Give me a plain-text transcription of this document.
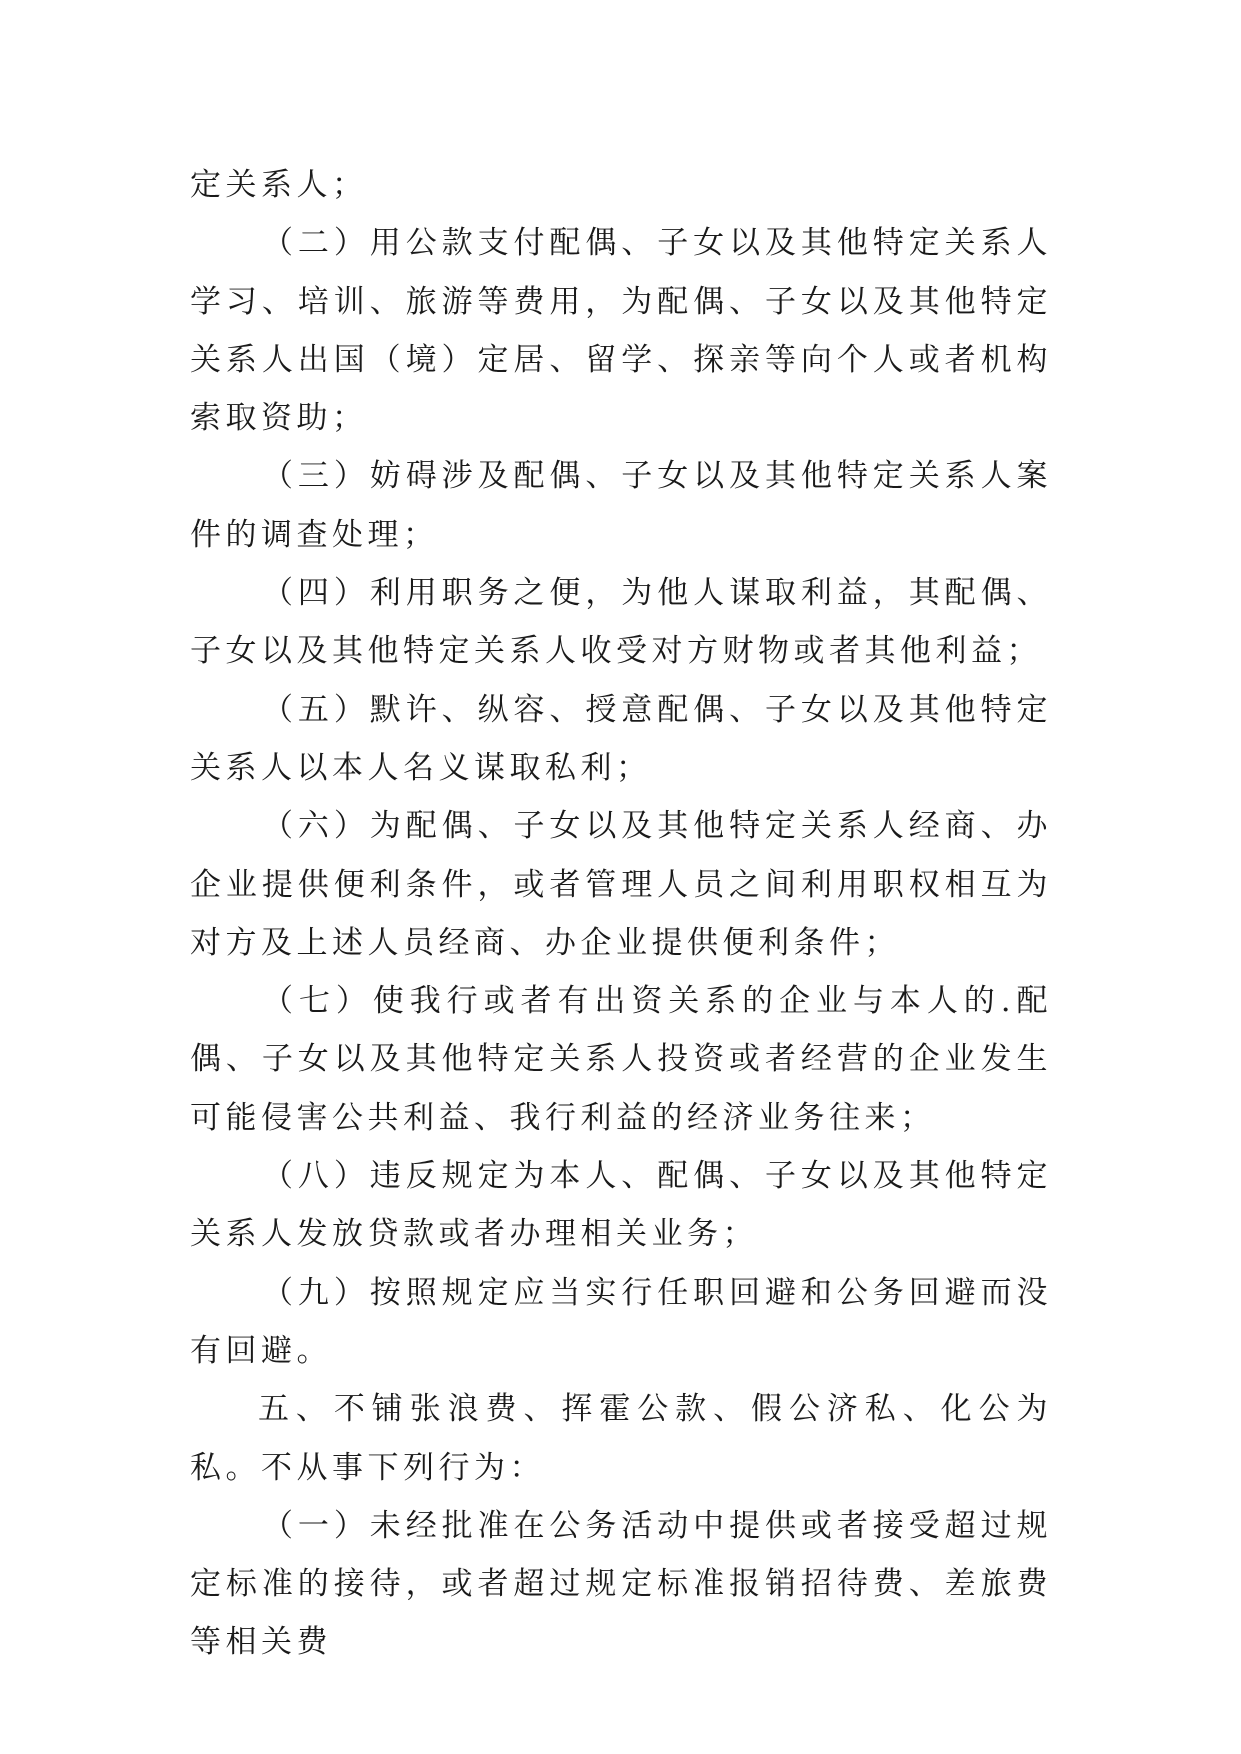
定关系人；

（二）用公款支付配偶、子女以及其他特定关系人学习、培训、旅游等费用，为配偶、子女以及其他特定关系人出国（境）定居、留学、探亲等向个人或者机构索取资助；

（三）妨碍涉及配偶、子女以及其他特定关系人案件的调查处理；

（四）利用职务之便，为他人谋取利益，其配偶、子女以及其他特定关系人收受对方财物或者其他利益；

（五）默许、纵容、授意配偶、子女以及其他特定关系人以本人名义谋取私利；

（六）为配偶、子女以及其他特定关系人经商、办企业提供便利条件，或者管理人员之间利用职权相互为对方及上述人员经商、办企业提供便利条件；

（七）使我行或者有出资关系的企业与本人的.配偶、子女以及其他特定关系人投资或者经营的企业发生可能侵害公共利益、我行利益的经济业务往来；

（八）违反规定为本人、配偶、子女以及其他特定关系人发放贷款或者办理相关业务；

（九）按照规定应当实行任职回避和公务回避而没有回避。

五、不铺张浪费、挥霍公款、假公济私、化公为私。不从事下列行为：

（一）未经批准在公务活动中提供或者接受超过规定标准的接待，或者超过规定标准报销招待费、差旅费等相关费
